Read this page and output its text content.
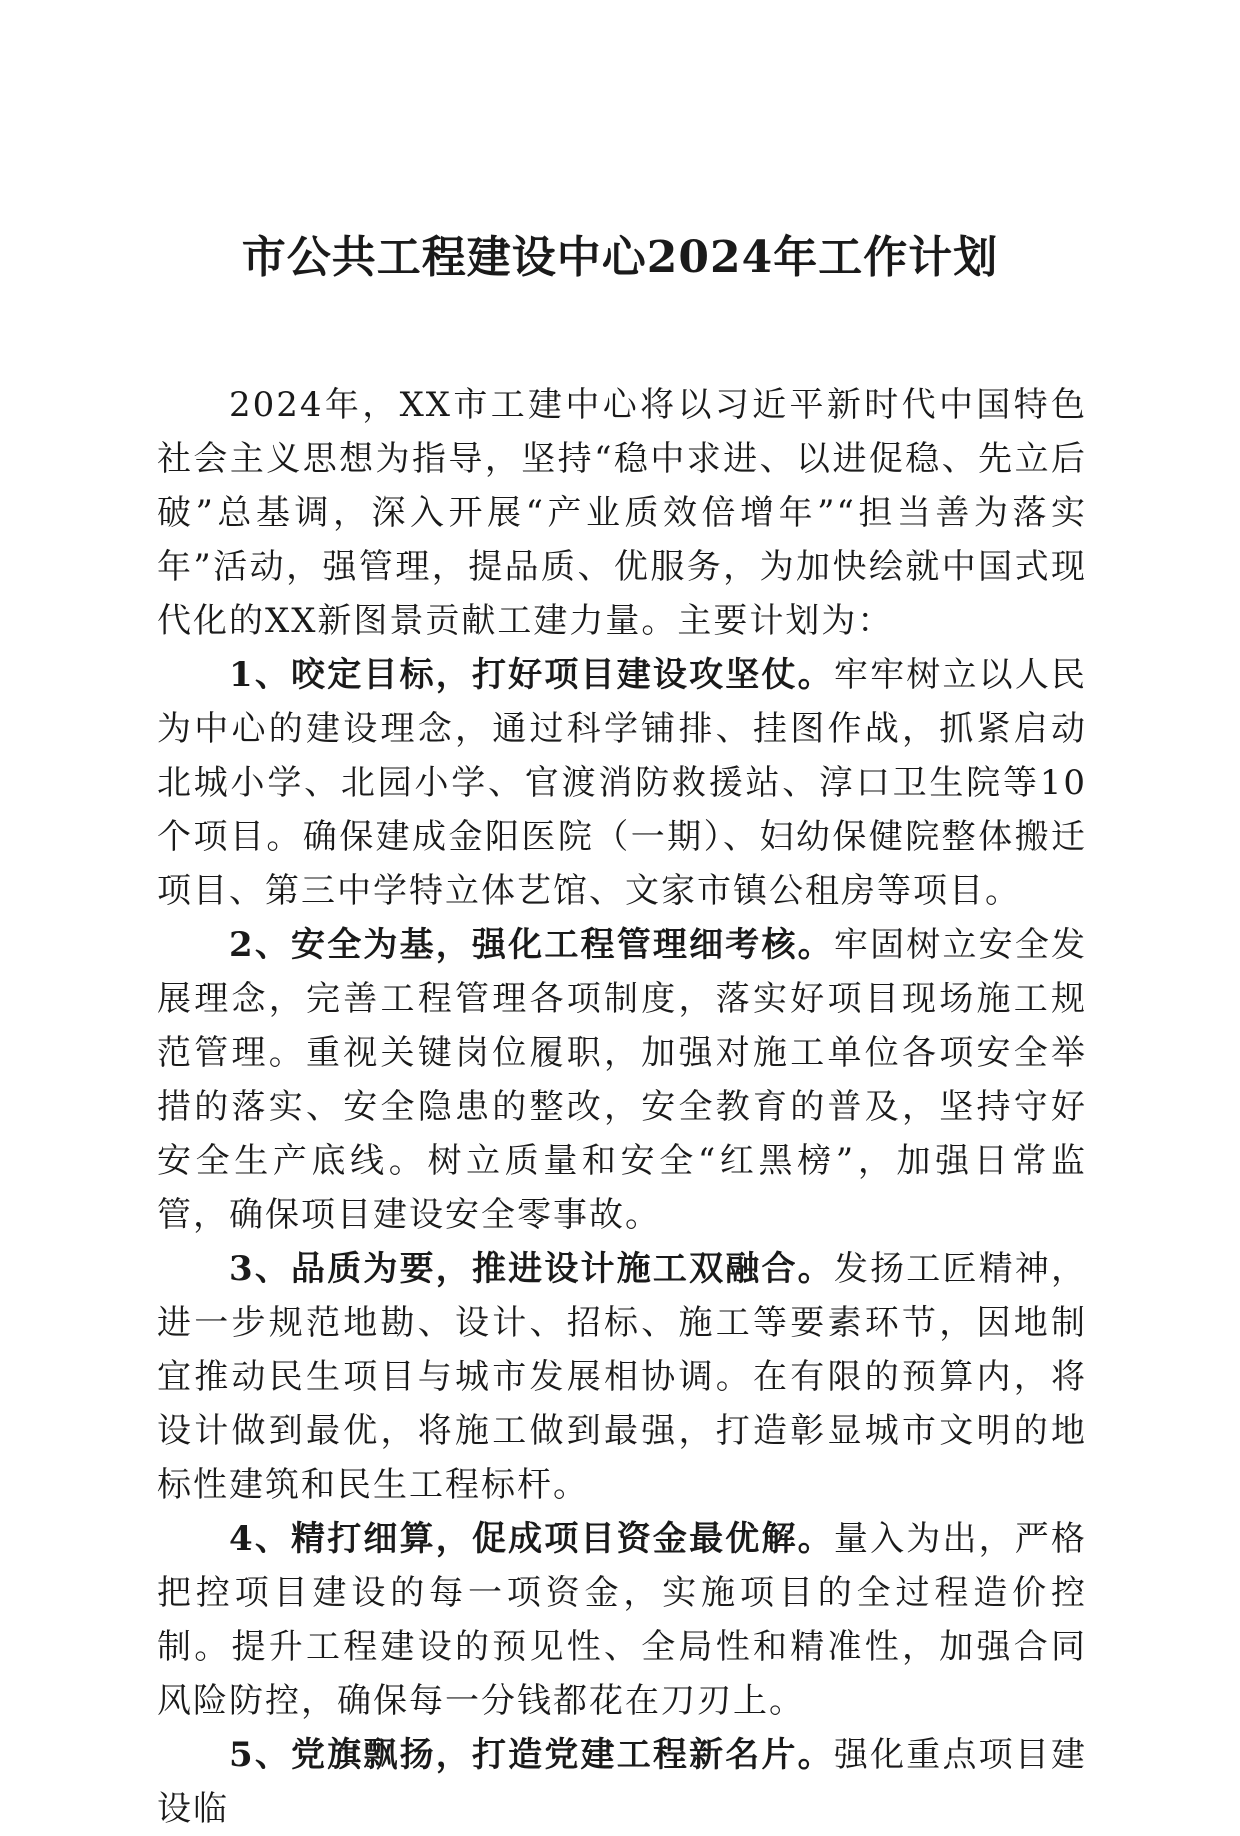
市公共工程建设中心2024年工作计划

2024年，XX市工建中心将以习近平新时代中国特色社会主义思想为指导，坚持“稳中求进、以进促稳、先立后破”总基调，深入开展“产业质效倍增年”“担当善为落实年”活动，强管理，提品质、优服务，为加快绘就中国式现代化的XX新图景贡献工建力量。主要计划为：

1、咬定目标，打好项目建设攻坚仗。牢牢树立以人民为中心的建设理念，通过科学铺排、挂图作战，抓紧启动北城小学、北园小学、官渡消防救援站、淳口卫生院等10个项目。确保建成金阳医院（一期）、妇幼保健院整体搬迁项目、第三中学特立体艺馆、文家市镇公租房等项目。

2、安全为基，强化工程管理细考核。牢固树立安全发展理念，完善工程管理各项制度，落实好项目现场施工规范管理。重视关键岗位履职，加强对施工单位各项安全举措的落实、安全隐患的整改，安全教育的普及，坚持守好安全生产底线。树立质量和安全“红黑榜”，加强日常监管，确保项目建设安全零事故。

3、品质为要，推进设计施工双融合。发扬工匠精神，进一步规范地勘、设计、招标、施工等要素环节，因地制宜推动民生项目与城市发展相协调。在有限的预算内，将设计做到最优，将施工做到最强，打造彰显城市文明的地标性建筑和民生工程标杆。

4、精打细算，促成项目资金最优解。量入为出，严格把控项目建设的每一项资金，实施项目的全过程造价控制。提升工程建设的预见性、全局性和精准性，加强合同风险防控，确保每一分钱都花在刀刃上。

5、党旗飘扬，打造党建工程新名片。强化重点项目建设临
